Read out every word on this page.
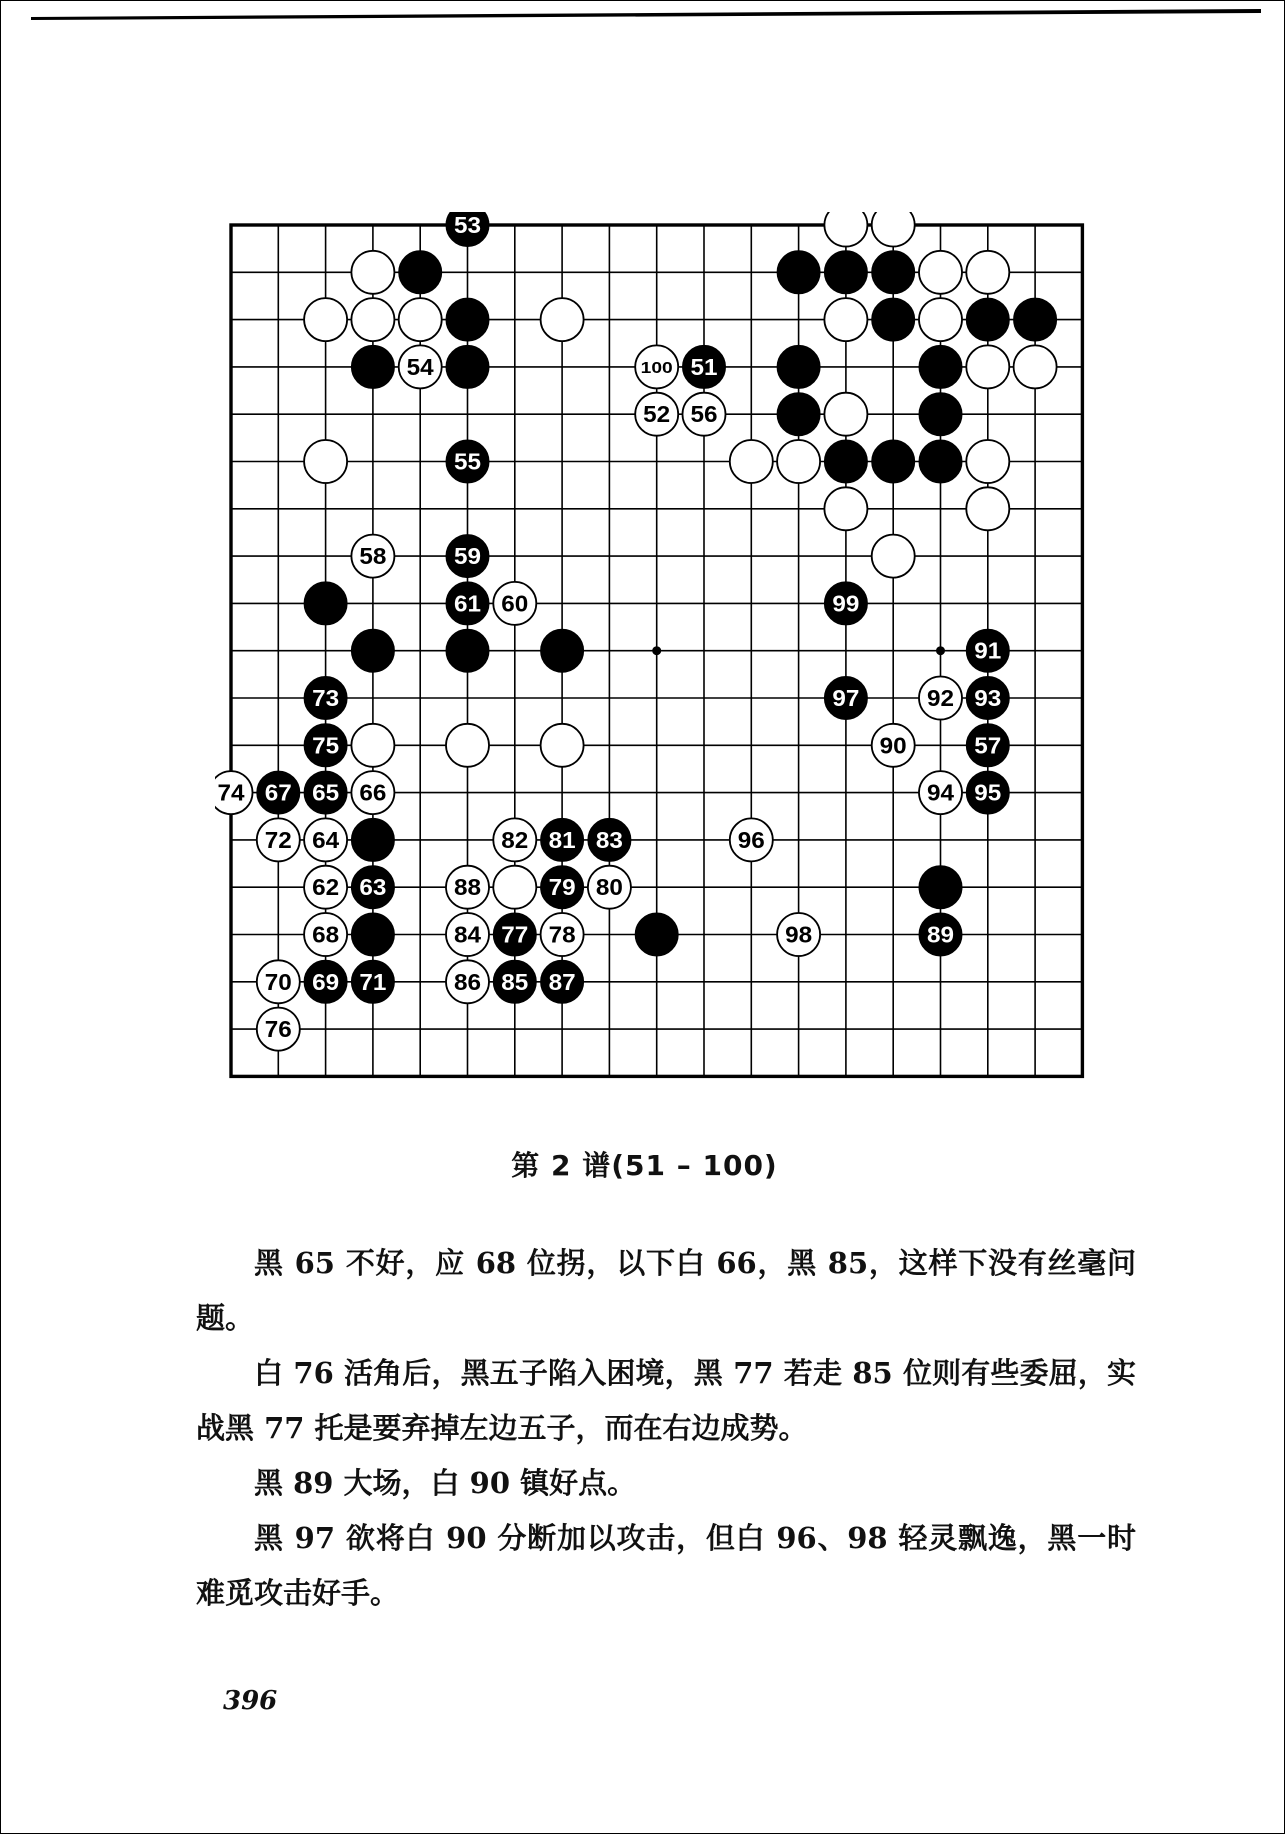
53
54	100 51
52 56
55
58	59
61 60	99
91
73	97	92 93
75	90	57
74 67 65 66	94 95
72 64	82 81 83	96
62 63	88	79 80
68	84 77 78	98	89
70 69 71	86 85 87
76
第 2 谱(51 – 100)

黑 65 不好，应 68 位拐，以下白 66，黑 85，这样下没有丝毫问题。

白 76 活角后，黑五子陷入困境，黑 77 若走 85 位则有些委屈，实战黑 77 托是要弃掉左边五子，而在右边成势。

黑 89 大场，白 90 镇好点。

黑 97 欲将白 90 分断加以攻击，但白 96、98 轻灵飘逸，黑一时难觅攻击好手。

396
